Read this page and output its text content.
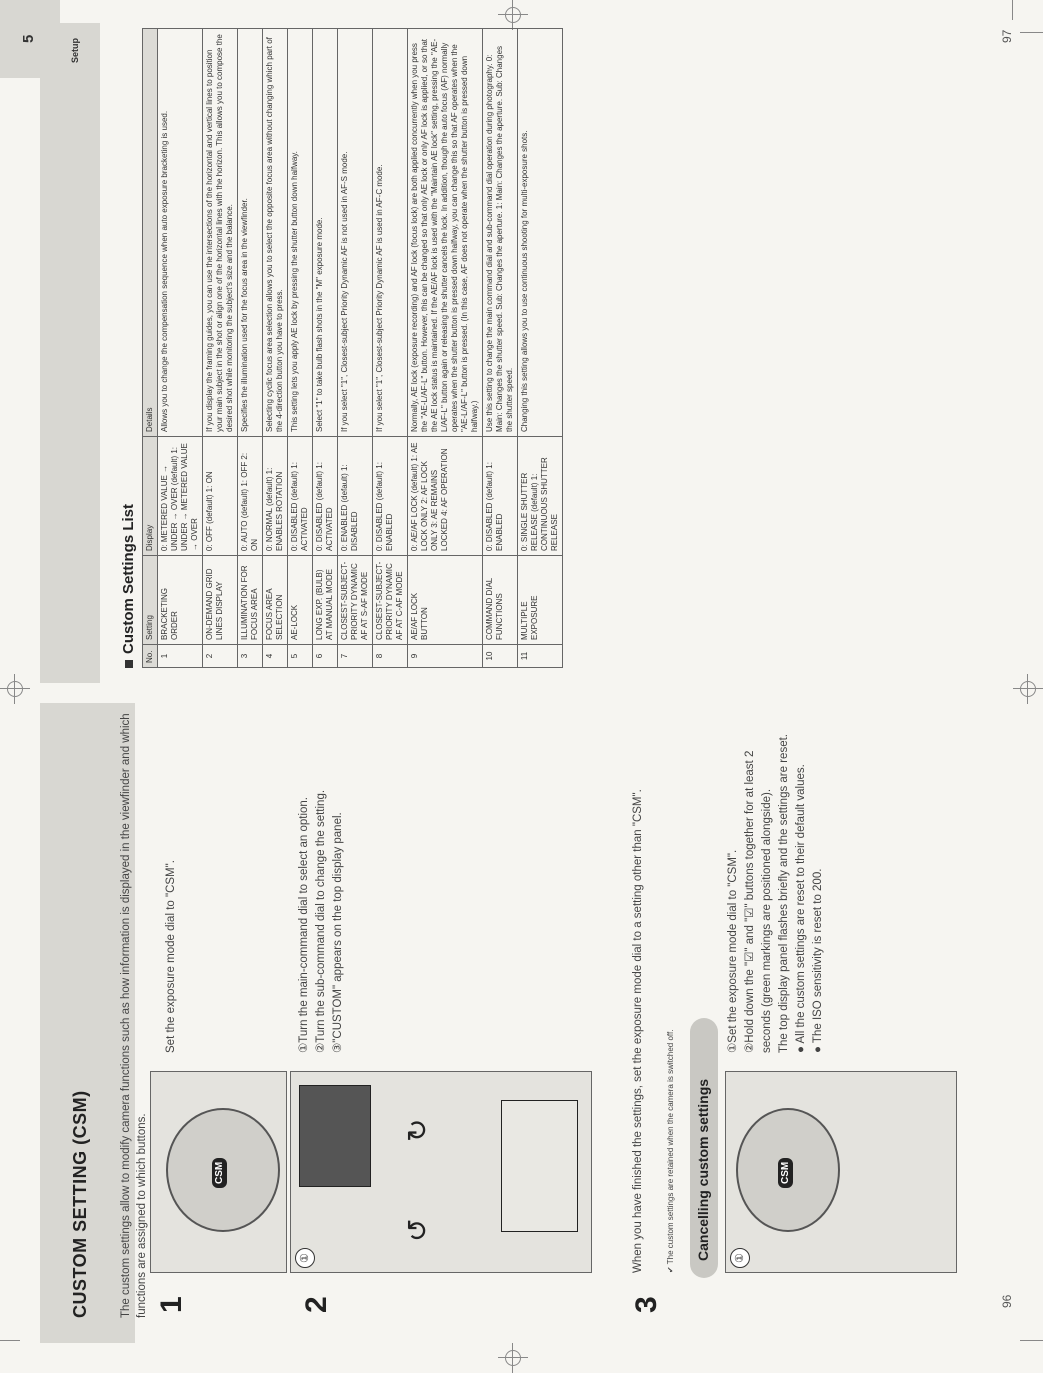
CUSTOM SETTING (CSM)	The custom settings allow to modify camera functions such as how information is displayed in the viewfinder and which functions are assigned to which buttons. 1
CSM
Set the exposure mode dial to "CSM".
2
①
↺
↻
①Turn the main-command dial to select an option. ②Turn the sub-command dial to change the setting. ③"CUSTOM" appears on the top display panel.
3
When you have finished the settings, set the exposure mode dial to a setting other than "CSM".	✔ The custom settings are retained when the camera is switched off. Cancelling custom settings	①
CSM
①Set the exposure mode dial to "CSM". ②Hold down the "☑" and "☑" buttons together for at least 2 seconds (green markings are positioned alongside). The top display panel flashes briefly and the settings are reset. ● All the custom settings are reset to their default values. ● The ISO sensitivity is reset to 200.
96
Custom Settings List
No.	Setting	Display	Details
1	BRACKETING ORDER	0: METERED VALUE → UNDER → OVER (default) 1: UNDER → METERED VALUE → OVER	Allows you to change the compensation sequence when auto exposure bracketing is used.
2	ON-DEMAND GRID LINES DISPLAY	0: OFF (default) 1: ON	If you display the framing guides, you can use the intersections of the horizontal and vertical lines to position your main subject in the shot or align one of the horizontal lines with the horizon. This allows you to compose the desired shot while monitoring the subject's size and the balance.
3	ILLUMINATION FOR FOCUS AREA	0: AUTO (default) 1: OFF 2: ON	Specifies the illumination used for the focus area in the viewfinder.
4	FOCUS AREA SELECTION	0: NORMAL (default) 1: ENABLES ROTATION	Selecting cyclic focus area selection allows you to select the opposite focus area without changing which part of the 4-direction button you have to press.
5	AE-LOCK	0: DISABLED (default) 1: ACTIVATED	This setting lets you apply AE lock by pressing the shutter button down halfway.
6	LONG EXP. (BULB) AT MANUAL MODE	0: DISABLED (default) 1: ACTIVATED	Select "1" to take bulb flash shots in the "M" exposure mode.
7	CLOSEST-SUBJECT-PRIORITY DYNAMIC AF AT S-AF MODE	0: ENABLED (default) 1: DISABLED	If you select "1", Closest-subject Priority Dynamic AF is not used in AF-S mode.
8	CLOSEST-SUBJECT-PRIORITY DYNAMIC AF AT C-AF MODE	0: DISABLED (default) 1: ENABLED	If you select "1", Closest-subject Priority Dynamic AF is used in AF-C mode.
9	AE/AF LOCK BUTTON	0: AE/AF LOCK (default) 1: AE LOCK ONLY 2: AF LOCK ONLY 3: AE REMAINS LOCKED 4: AF OPERATION	Normally, AE lock (exposure recording) and AF lock (focus lock) are both applied concurrently when you press the "AE-L/AF-L" button. However, this can be changed so that only AE lock or only AF lock is applied, or so that the AE lock status is maintained. If the AE/AF lock is used with the "Maintain AE lock" setting, pressing the "AE-L/AF-L" button again or releasing the shutter cancels the lock. In addition, though the auto focus (AF) normally operates when the shutter button is pressed down halfway, you can change this so that AF operates when the "AE-L/AF-L" button is pressed. (In this case, AF does not operate when the shutter button is pressed down halfway.)
10	COMMAND DIAL FUNCTIONS	0: DISABLED (default) 1: ENABLED	Use this setting to change the main command dial and sub-command dial operation during photography. 0: Main: Changes the shutter speed. Sub: Changes the aperture. 1: Main: Changes the aperture. Sub: Changes the shutter speed.
11	MULTIPLE EXPOSURE	0: SINGLE SHUTTER RELEASE (default) 1: CONTINUOUS SHUTTER RELEASE	Changing this setting allows you to use continuous shooting for multi-exposure shots.
5	Setup
97
